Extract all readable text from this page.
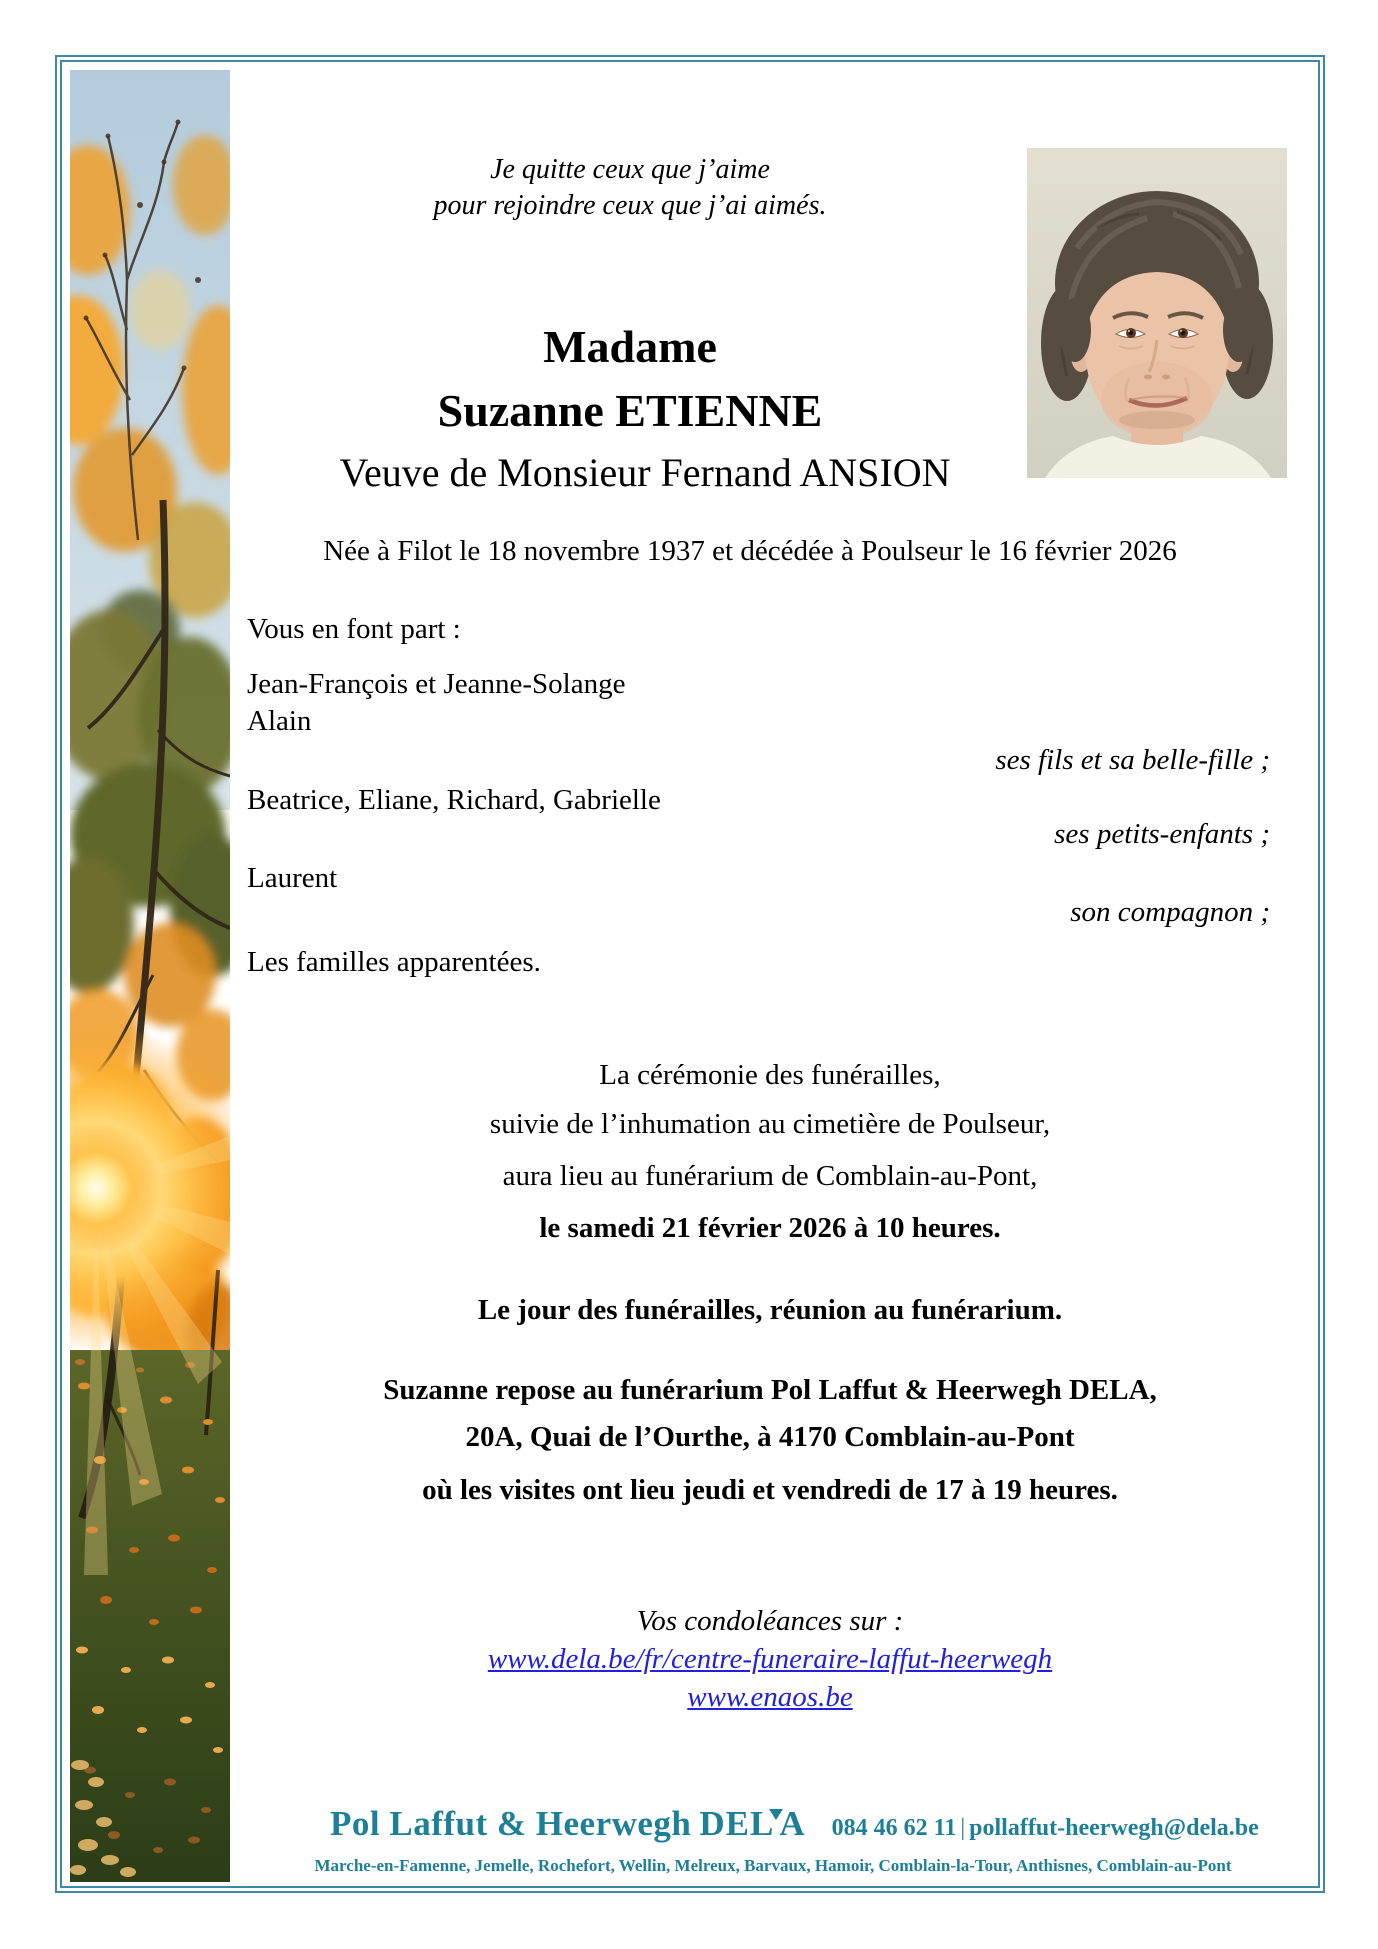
Je quitte ceux que j’aime
pour rejoindre ceux que j’ai aimés.
Madame
Suzanne ETIENNE
Veuve de Monsieur Fernand ANSION
Née à Filot le 18 novembre 1937 et décédée à Poulseur le 16 février 2026
Vous en font part :
Jean-François et Jeanne-Solange
Alain
ses fils et sa belle-fille ;
Beatrice, Eliane, Richard, Gabrielle
ses petits-enfants ;
Laurent
son compagnon ;
Les familles apparentées.
La cérémonie des funérailles,
suivie de l’inhumation au cimetière de Poulseur,
aura lieu au funérarium de Comblain-au-Pont,
le samedi 21 février 2026 à 10 heures.
Le jour des funérailles, réunion au funérarium.
Suzanne repose au funérarium Pol Laffut & Heerwegh DELA,
20A, Quai de l’Ourthe, à 4170 Comblain-au-Pont
où les visites ont lieu jeudi et vendredi de 17 à 19 heures.
Vos condoléances sur :
www.dela.be/fr/centre-funeraire-laffut-heerwegh
www.enaos.be
Pol Laffut & Heerwegh DEL A 084 46 62 11 | pollaffut-heerwegh@dela.be
Marche-en-Famenne, Jemelle, Rochefort, Wellin, Melreux, Barvaux, Hamoir, Comblain-la-Tour, Anthisnes, Comblain-au-Pont
